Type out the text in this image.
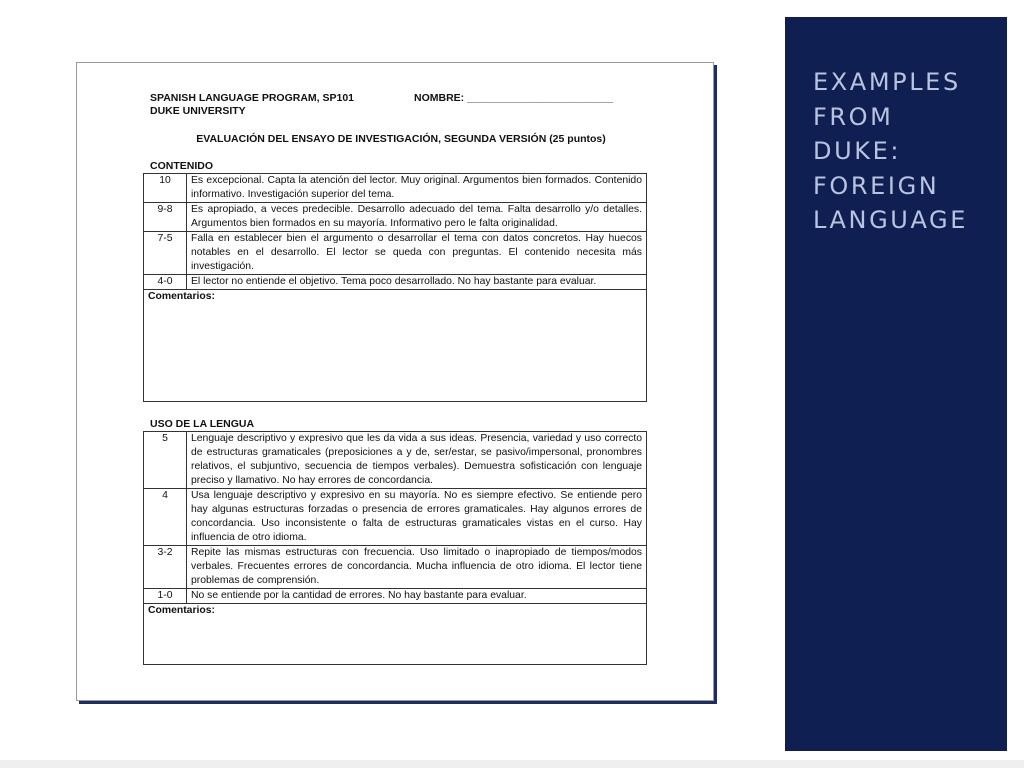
SPANISH LANGUAGE PROGRAM, SP101
DUKE UNIVERSITY
NOMBRE: _________________________
EVALUACIÓN DEL ENSAYO DE INVESTIGACIÓN, SEGUNDA VERSIÓN (25 puntos)
CONTENIDO
10	Es excepcional. Capta la atención del lector. Muy original. Argumentos bien formados. Contenido informativo. Investigación superior del tema.
9-8	Es apropiado, a veces predecible. Desarrollo adecuado del tema. Falta desarrollo y/o detalles. Argumentos bien formados en su mayoría. Informativo pero le falta originalidad.
7-5	Falla en establecer bien el argumento o desarrollar el tema con datos concretos. Hay huecos notables en el desarrollo. El lector se queda con preguntas. El contenido necesita más investigación.
4-0	El lector no entiende el objetivo. Tema poco desarrollado. No hay bastante para evaluar.
Comentarios:	
USO DE LA LENGUA
5	Lenguaje descriptivo y expresivo que les da vida a sus ideas. Presencia, variedad y uso correcto de estructuras gramaticales (preposiciones a y de, ser/estar, se pasivo/impersonal, pronombres relativos, el subjuntivo, secuencia de tiempos verbales). Demuestra sofisticación con lenguaje preciso y llamativo. No hay errores de concordancia.
4	Usa lenguaje descriptivo y expresivo en su mayoría. No es siempre efectivo. Se entiende pero hay algunas estructuras forzadas o presencia de errores gramaticales. Hay algunos errores de concordancia. Uso inconsistente o falta de estructuras gramaticales vistas en el curso. Hay influencia de otro idioma.
3-2	Repite las mismas estructuras con frecuencia. Uso limitado o inapropiado de tiempos/modos verbales. Frecuentes errores de concordancia. Mucha influencia de otro idioma. El lector tiene problemas de comprensión.
1-0	No se entiende por la cantidad de errores. No hay bastante para evaluar.
Comentarios:	
EXAMPLES
FROM
DUKE:
FOREIGN
LANGUAGE
